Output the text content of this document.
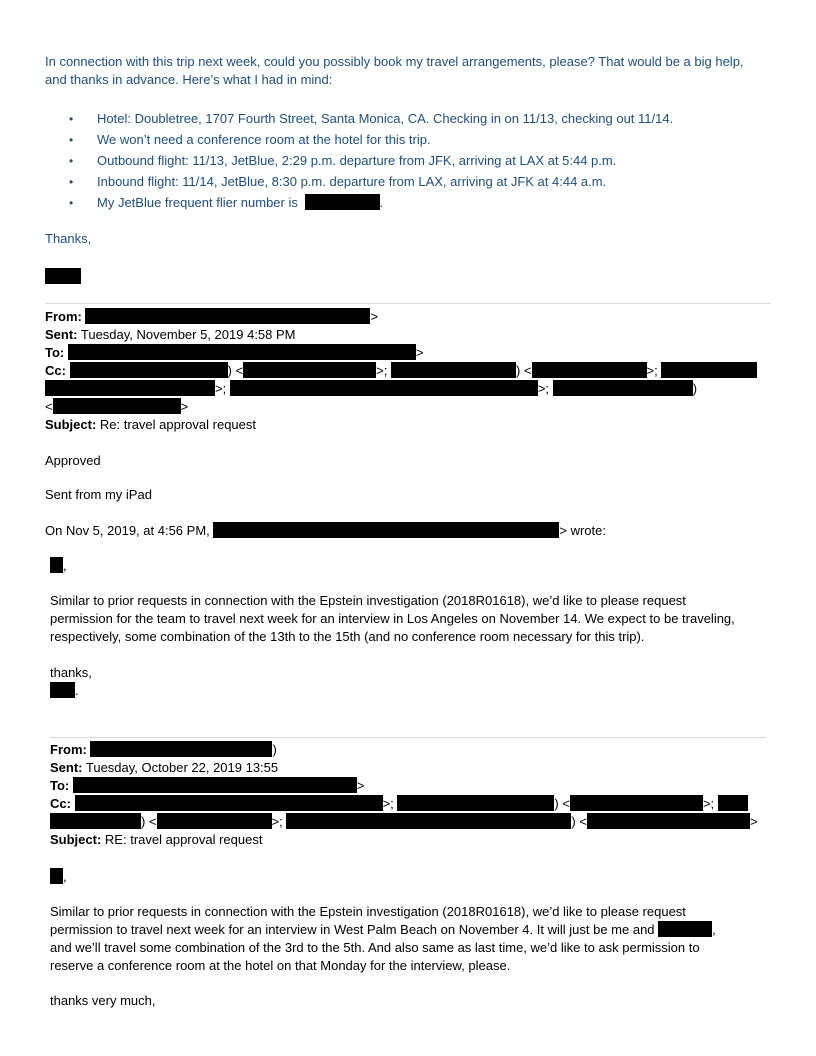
In connection with this trip next week, could you possibly book my travel arrangements, please? That would be a big help,
and thanks in advance. Here’s what I had in mind:
• Hotel: Doubletree, 1707 Fourth Street, Santa Monica, CA. Checking in on 11/13, checking out 11/14.
• We won’t need a conference room at the hotel for this trip.
• Outbound flight: 11/13, JetBlue, 2:29 p.m. departure from JFK, arriving at LAX at 5:44 p.m.
• Inbound flight: 11/14, JetBlue, 8:30 p.m. departure from LAX, arriving at JFK at 4:44 a.m.
• My JetBlue frequent flier number is	.
Thanks,
From:	>
Sent: Tuesday, November 5, 2019 4:58 PM
To:	>
Cc:	) <	>;	) <	>;
>;	>;	)
<	>
Subject: Re: travel approval request
Approved
Sent from my iPad
On Nov 5, 2019, at 4:56 PM,	> wrote:
,
Similar to prior requests in connection with the Epstein investigation (2018R01618), we’d like to please request
permission for the team to travel next week for an interview in Los Angeles on November 14. We expect to be traveling,
respectively, some combination of the 13th to the 15th (and no conference room necessary for this trip).
thanks,
.
From:	)
Sent: Tuesday, October 22, 2019 13:55
To:	>
Cc:	>;	) <	>;
) <	>;	) <	>
Subject: RE: travel approval request
,
Similar to prior requests in connection with the Epstein investigation (2018R01618), we’d like to please request
permission to travel next week for an interview in West Palm Beach on November 4. It will just be me and	,
and we’ll travel some combination of the 3rd to the 5th. And also same as last time, we’d like to ask permission to
reserve a conference room at the hotel on that Monday for the interview, please.
thanks very much,
